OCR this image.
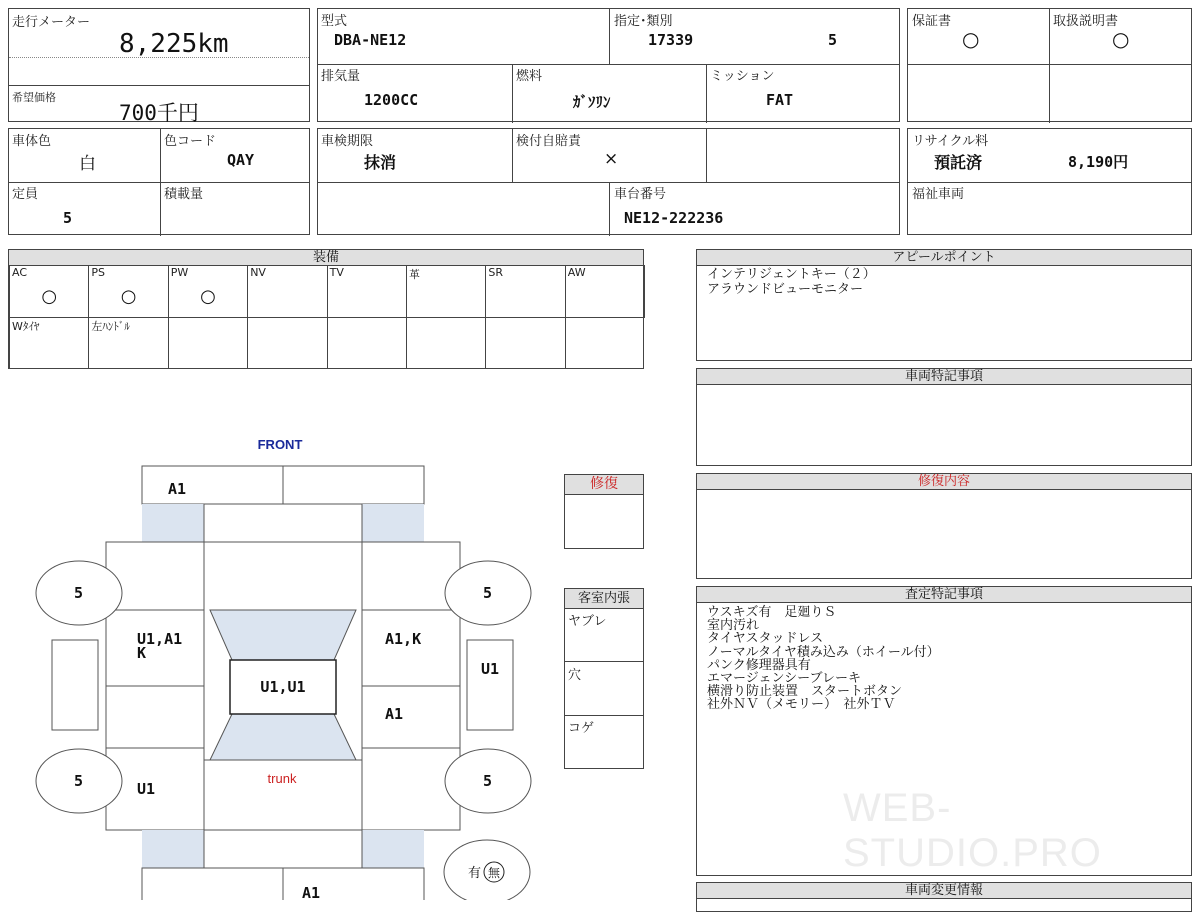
走行メーター
8,225km
希望価格
700千円
型式
DBA-NE12
指定･類別
17339	5
排気量
1200CC
燃料
ｶﾞｿﾘﾝ
ミッション
FAT
保証書
○
取扱説明書
○
車体色
白
色コード
QAY
定員
5
積載量
車検期限
抹消
検付自賠責
×
車台番号
NE12-222236
リサイクル料
預託済	8,190円
福祉車両
装備
AC
○
PS
○
PW
○
NV	TV	革	SR	AW
Wﾀｲﾔ	左ﾊﾝﾄﾞﾙ
FRONT
trunk
A1
U1,A1
K
A1,K
U1,U1
A1
U1
U1
A1
5	5
5	5
有 無
修復
客室内張
ヤブレ
穴
コゲ
アピールポイント
インテリジェントキー（２）
アラウンドビューモニター
車両特記事項
修復内容
査定特記事項
ウスキズ有　足廻りＳ
室内汚れ
タイヤスタッドレス
ノーマルタイヤ積み込み（ホイール付）
パンク修理器具有
エマージェンシーブレーキ
横滑り防止装置　スタートボタン
社外ＮＶ（メモリー）　社外ＴＶ
車両変更情報
WEB-STUDIO.PRO
